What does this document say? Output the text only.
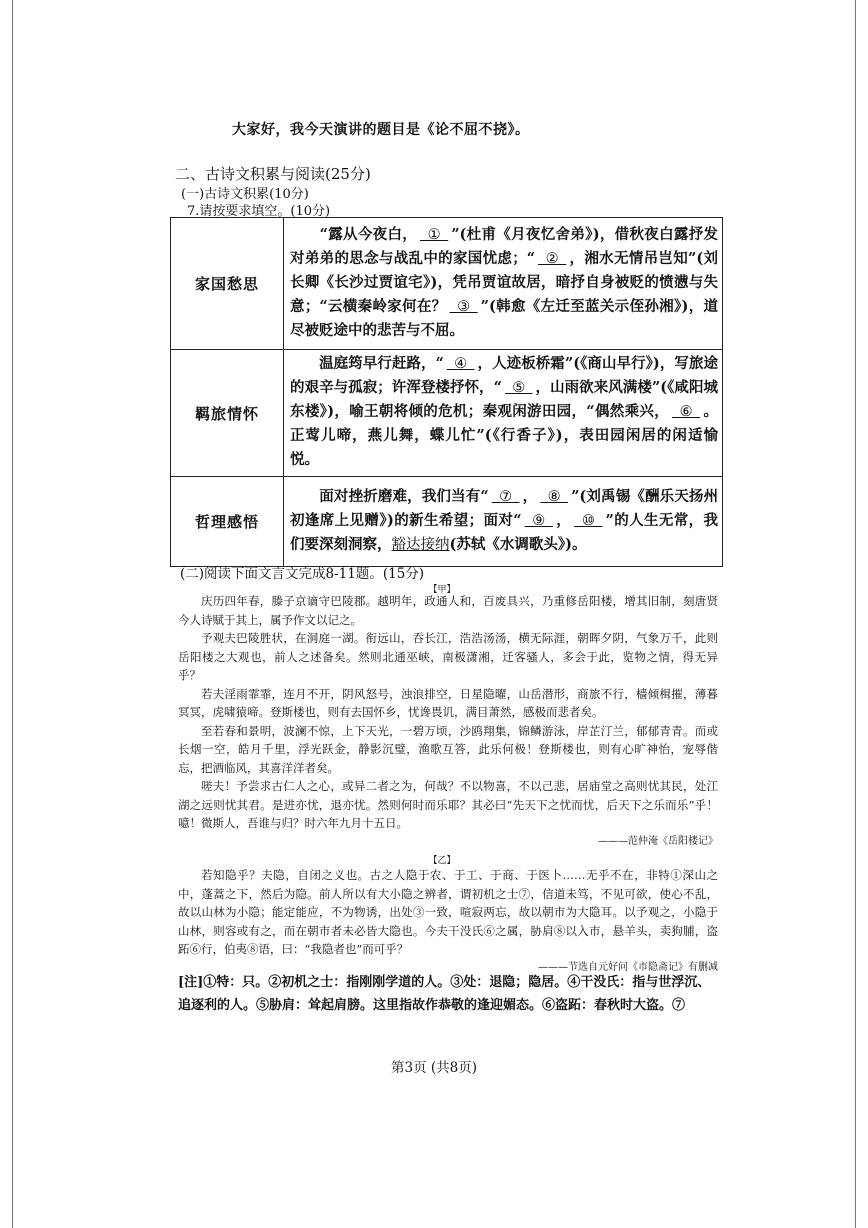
大家好，我今天演讲的题目是《论不屈不挠》。
二、古诗文积累与阅读(25分)
(一)古诗文积累(10分)
7.请按要求填空。(10分)
家国愁思	　　“露从今夜白， ① ”(杜甫《月夜忆舍弟》)，借秋夜白露抒发对弟弟的思念与战乱中的家国忧虑；“ ② ，湘水无情吊岂知”(刘长卿《长沙过贾谊宅》)，凭吊贾谊故居，暗抒自身被贬的愤懑与失意；“云横秦岭家何在？ ③ ”(韩愈《左迁至蓝关示侄孙湘》)，道尽被贬途中的悲苦与不屈。
羁旅情怀	　　温庭筠早行赶路，“ ④ ，人迹板桥霜”(《商山早行》)，写旅途的艰辛与孤寂；许浑登楼抒怀，“ ⑤ ，山雨欲来风满楼”(《咸阳城东楼》)，喻王朝将倾的危机；秦观闲游田园，“偶然乘兴， ⑥ 。正莺儿啼，燕儿舞，蝶儿忙”(《行香子》)，表田园闲居的闲适愉悦。
哲理感悟	　　面对挫折磨难，我们当有“ ⑦ ， ⑧ ”(刘禹锡《酬乐天扬州初逢席上见赠》)的新生希望；面对“ ⑨ ， ⑩ ”的人生无常，我们要深刻洞察，豁达接纳(苏轼《水调歌头》)。
(二)阅读下面文言文完成8-11题。(15分)
【甲】

庆历四年春，滕子京谪守巴陵郡。越明年，政通人和，百废具兴，乃重修岳阳楼，增其旧制，刻唐贤今人诗赋于其上，属予作文以记之。

予观夫巴陵胜状，在洞庭一湖。衔远山，吞长江，浩浩汤汤，横无际涯，朝晖夕阴，气象万千，此则岳阳楼之大观也，前人之述备矣。然则北通巫峡，南极潇湘，迁客骚人，多会于此，览物之情，得无异乎？

若夫淫雨霏霏，连月不开，阴风怒号，浊浪排空，日星隐曜，山岳潜形，商旅不行，樯倾楫摧，薄暮冥冥，虎啸猿啼。登斯楼也，则有去国怀乡，忧谗畏讥，满目萧然，感极而悲者矣。

至若春和景明，波澜不惊，上下天光，一碧万顷，沙鸥翔集，锦鳞游泳，岸芷汀兰，郁郁青青。而或长烟一空，皓月千里，浮光跃金，静影沉璧，渔歌互答，此乐何极！登斯楼也，则有心旷神怡，宠辱偕忘，把酒临风，其喜洋洋者矣。

嗟夫！予尝求古仁人之心，或异二者之为，何哉？不以物喜，不以己悲，居庙堂之高则忧其民，处江湖之远则忧其君。是进亦忧，退亦忧。然则何时而乐耶？其必曰“先天下之忧而忧，后天下之乐而乐”乎！噫！微斯人，吾谁与归？时六年九月十五日。

———范仲淹《岳阳楼记》
【乙】

若知隐乎？夫隐，自闭之义也。古之人隐于农、于工、于商、于医卜……无乎不在，非特①深山之中，蓬蒿之下，然后为隐。前人所以有大小隐之辨者，谓初机之士⑦，信道未笃，不见可欲，使心不乱，故以山林为小隐；能定能应，不为物诱，出处③一致，喧寂两忘，故以朝市为大隐耳。以予观之，小隐于山林，则容或有之，而在朝市者未必皆大隐也。今夫干没氏⑥之属，胁肩⑧以入市，悬羊头，卖狗脯，盗跖⑥行，伯夷⑧语，曰：“我隐者也”而可乎？

———节选自元好问《市隐斋记》有删减
[注]①特：只。②初机之士：指刚刚学道的人。③处：退隐；隐居。④干没氏：指与世浮沉、追逐利的人。⑤胁肩：耸起肩膀。这里指故作恭敬的逢迎媚态。⑥盗跖：春秋时大盗。⑦
第3页 (共8页)
